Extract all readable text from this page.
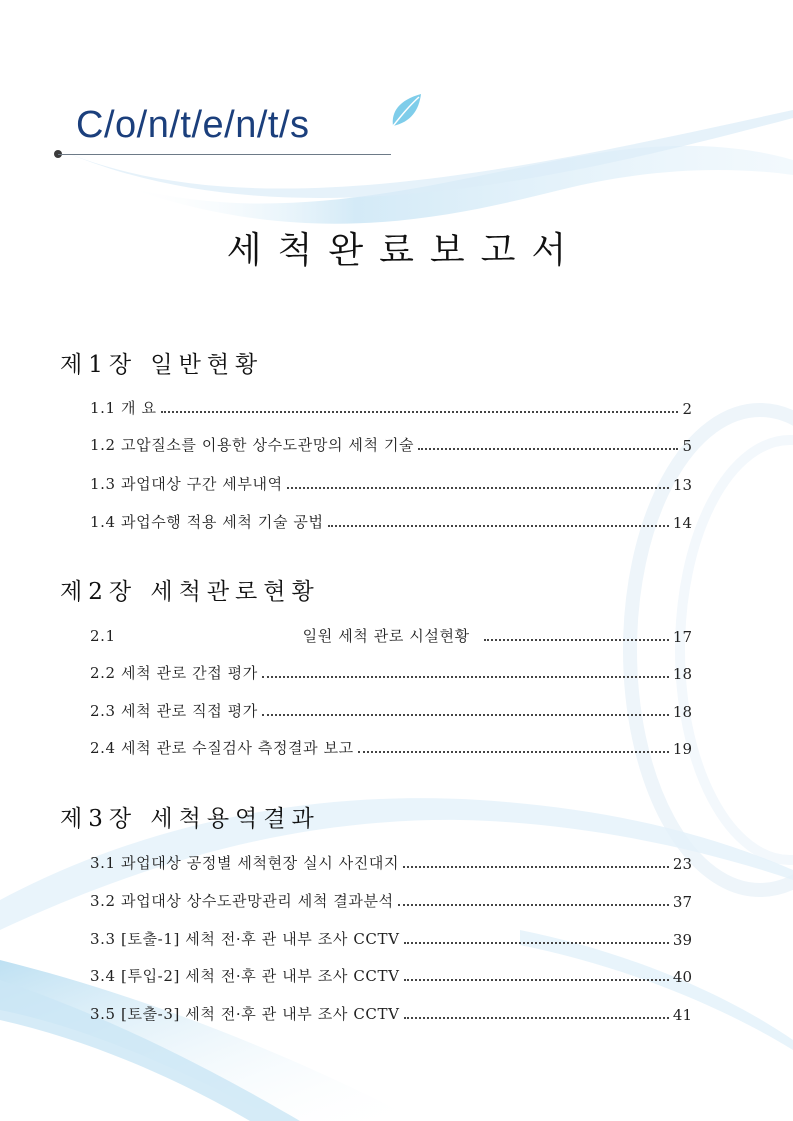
C/o/n/t/e/n/t/s
세척완료보고서
제1장 일반현황
1.1 개 요	2
1.2 고압질소를 이용한 상수도관망의 세척 기술	5
1.3 과업대상 구간 세부내역	13
1.4 과업수행 적용 세척 기술 공법	14
제2장 세척관로현황
2.1	일원 세척 관로 시설현황	17
2.2 세척 관로 간접 평가	18
2.3 세척 관로 직접 평가	18
2.4 세척 관로 수질검사 측정결과 보고	19
제3장 세척용역결과
3.1 과업대상 공정별 세척현장 실시 사진대지	23
3.2 과업대상 상수도관망관리 세척 결과분석	37
3.3 [토출-1] 세척 전·후 관 내부 조사 CCTV	39
3.4 [투입-2] 세척 전·후 관 내부 조사 CCTV	40
3.5 [토출-3] 세척 전·후 관 내부 조사 CCTV	41
